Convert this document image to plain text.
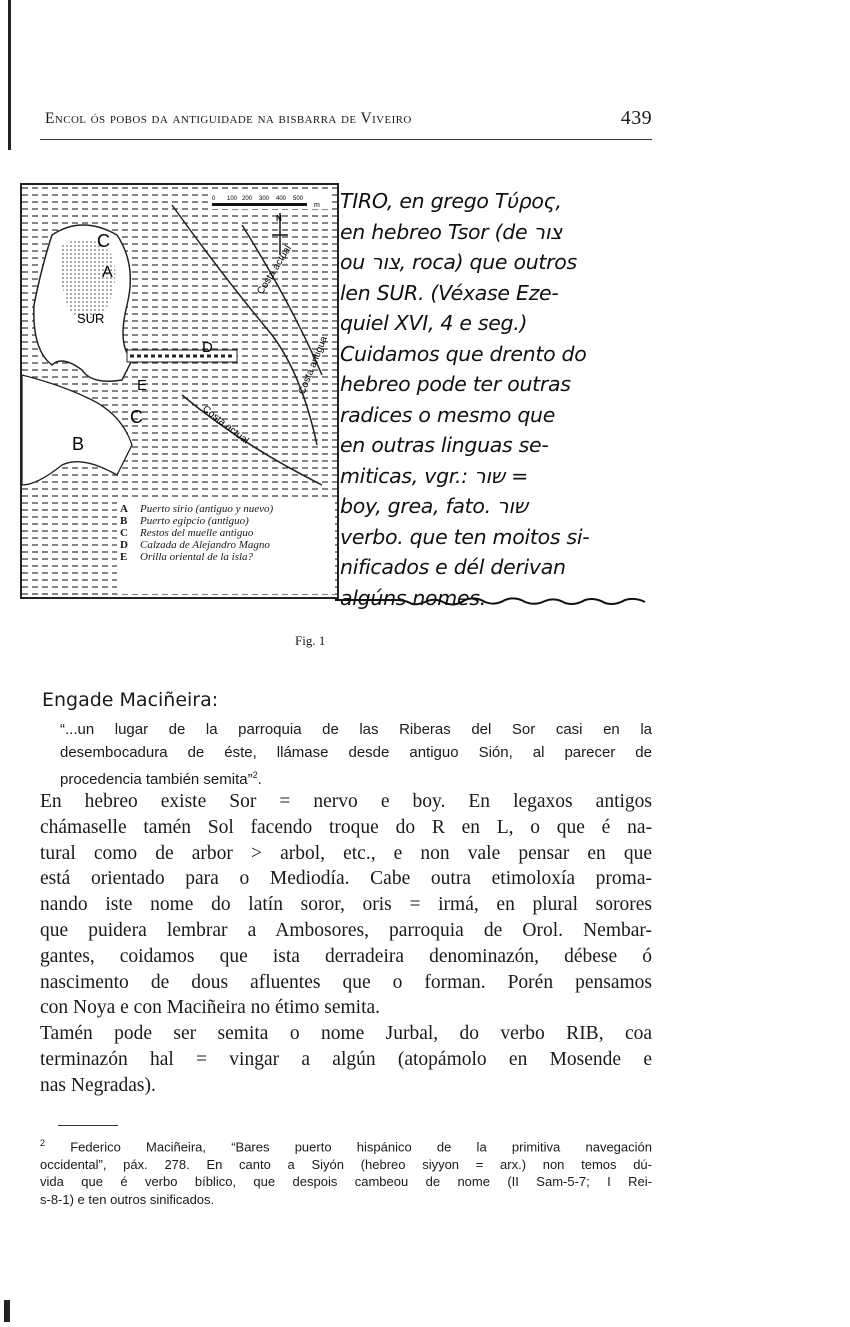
Encol ós pobos da antiguidade na bisbarra de Viveiro	439
0 100 200 300 400 500
m
N
C
A
D
E
C
B
SUR
Costa actual
Costa antigua
Costa actual
A Puerto sirio (antiguo y nuevo)
B Puerto egipcio (antiguo)
C Restos del muelle antiguo
D Calzada de Alejandro Magno
E Orilla oriental de la isla?
TIRO, en grego Τύρος,
en hebreo Tsor (de צור
ou צור, roca) que outros
len SUR. (Véxase Eze-
quiel XVI, 4 e seg.)
Cuidamos que drento do
hebreo pode ter outras
radices o mesmo que
en outras linguas se-
miticas, vgr.: שור =
boy, grea, fato. שור
verbo. que ten moitos si-
nificados e dél derivan
algúns nomes.
Fig. 1
Engade Maciñeira:
“...un lugar de la parroquia de las Riberas del Sor casi en la
desembocadura de éste, llámase desde antiguo Sión, al parecer de
procedencia también semita”$^2$.
En hebreo existe Sor = nervo e boy. En legaxos antigos
chámaselle tamén Sol facendo troque do R en L, o que é na-
tural como de arbor > arbol, etc., e non vale pensar en que
está orientado para o Mediodía. Cabe outra etimoloxía proma-
nando iste nome do latín soror, oris = irmá, en plural sorores
que puidera lembrar a Ambosores, parroquia de Orol. Nembar-
gantes, coidamos que ista derradeira denominazón, débese ó
nascimento de dous afluentes que o forman. Porén pensamos
con Noya e con Maciñeira no étimo semita.
Tamén pode ser semita o nome Jurbal, do verbo RIB, coa
terminazón hal = vingar a algún (atopámolo en Mosende e
nas Negradas).
$^2$ Federico Maciñeira, “Bares puerto hispánico de la primitiva navegación
occidental”, páx. 278. En canto a Siyón (hebreo siyyon = arx.) non temos dú-
vida que é verbo bíblico, que despois cambeou de nome (II Sam-5-7; I Rei-
s-8-1) e ten outros sinificados.
